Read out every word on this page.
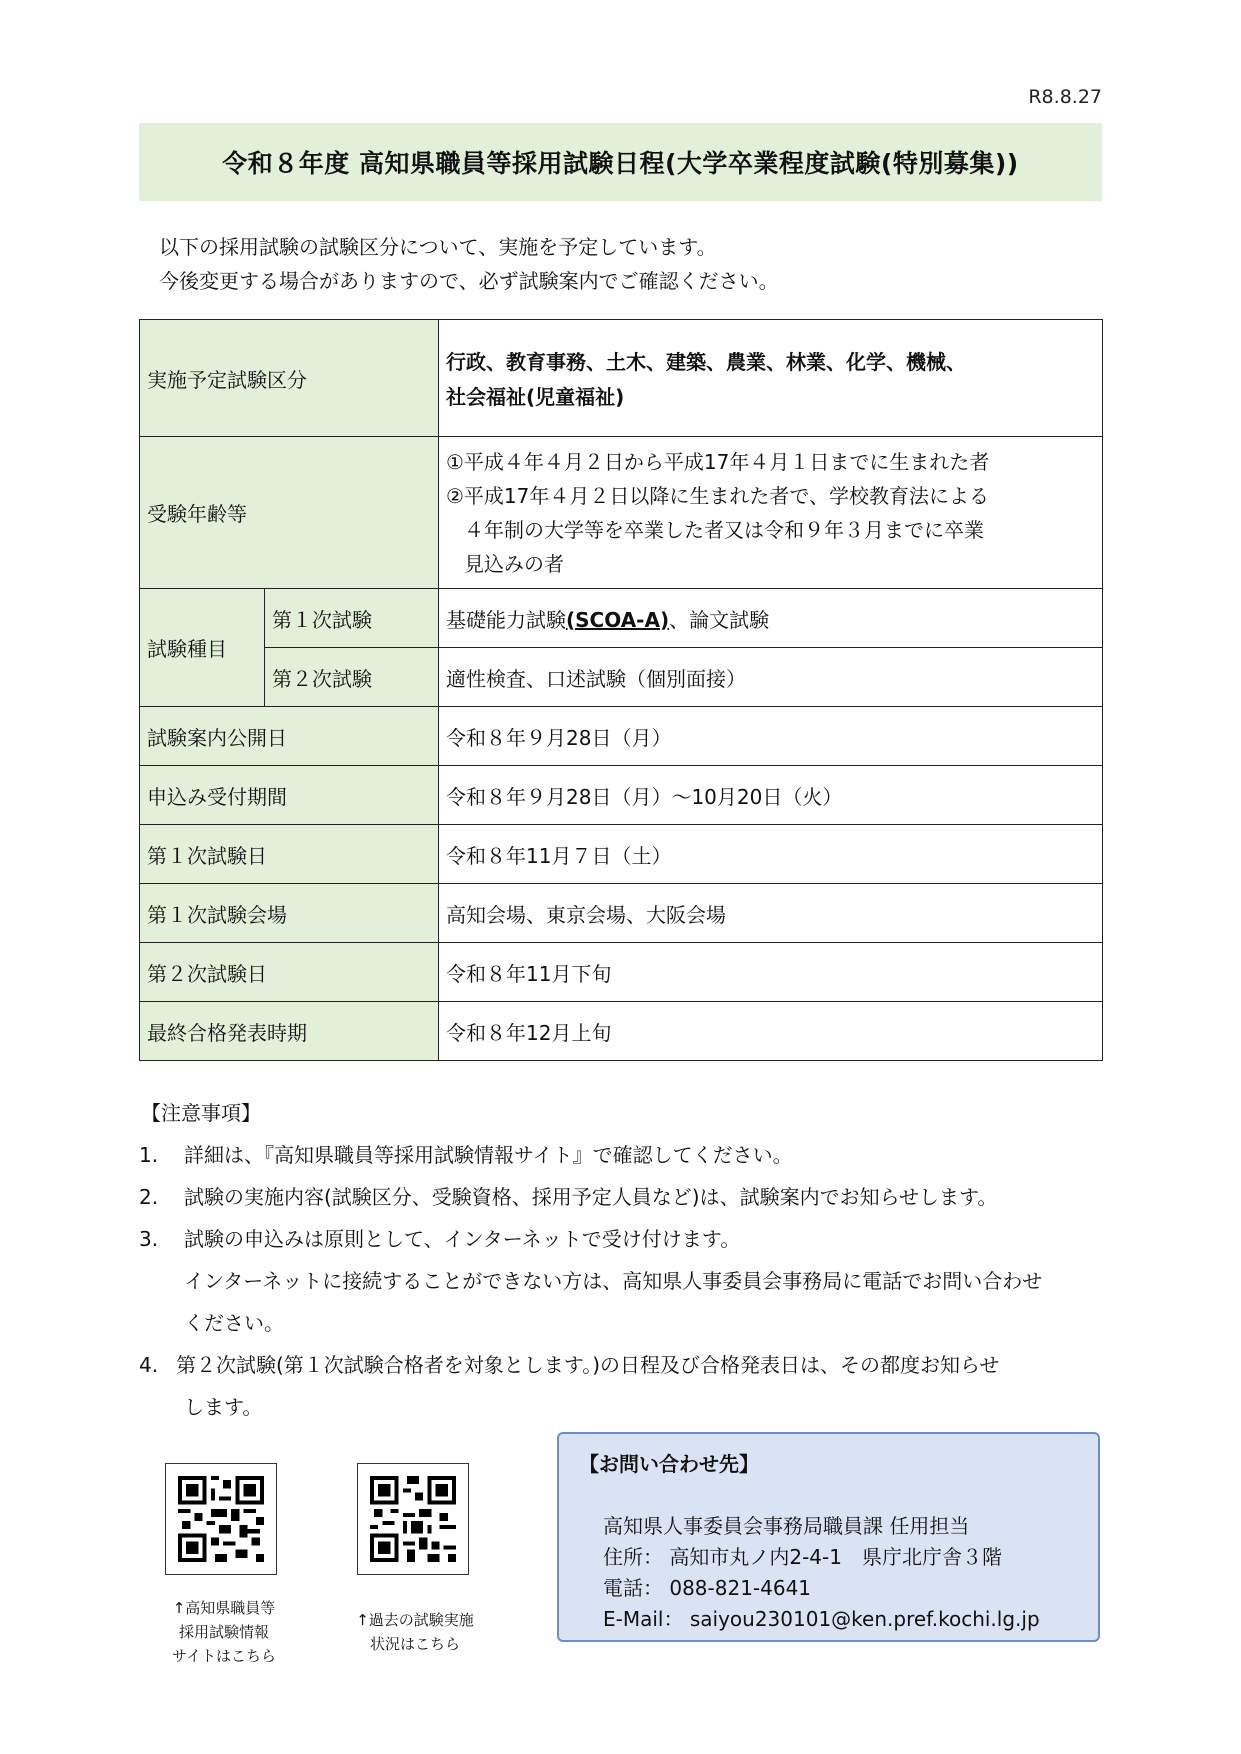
R8.8.27
令和８年度 高知県職員等採用試験日程(大学卒業程度試験(特別募集))
以下の採用試験の試験区分について、実施を予定しています。
今後変更する場合がありますので、必ず試験案内でご確認ください。
実施予定試験区分		行政、教育事務、土木、建築、農業、林業、化学、機械、
社会福祉(児童福祉)

受験年齢等		①平成４年４月２日から平成17年４月１日までに生まれた者
②平成17年４月２日以降に生まれた者で、学校教育法による
４年制の大学等を卒業した者又は令和９年３月までに卒業
見込みの者

試験種目	第１次試験	基礎能力試験(SCOA-A)、論文試験
	第２次試験	適性検査、口述試験（個別面接）
試験案内公開日		令和８年９月28日（月）
申込み受付期間		令和８年９月28日（月）～10月20日（火）
第１次試験日		令和８年11月７日（土）
第１次試験会場		高知会場、東京会場、大阪会場
第２次試験日		令和８年11月下旬
最終合格発表時期		令和８年12月上旬
【注意事項】
1.	詳細は、『高知県職員等採用試験情報サイト』で確認してください。
2.	試験の実施内容(試験区分、受験資格、採用予定人員など)は、試験案内でお知らせします。
3.	試験の申込みは原則として、インターネットで受け付けます。
インターネットに接続することができない方は、高知県人事委員会事務局に電話でお問い合わせ
ください。
4. 第２次試験(第１次試験合格者を対象とします。)の日程及び合格発表日は、その都度お知らせ
します。
↑高知県職員等
採用試験情報
サイトはこちら
↑過去の試験実施
状況はこちら
【お問い合わせ先】
高知県人事委員会事務局職員課 任用担当
住所： 高知市丸ノ内2-4-1　県庁北庁舎３階
電話： 088-821-4641
E-Mail： saiyou230101@ken.pref.kochi.lg.jp
